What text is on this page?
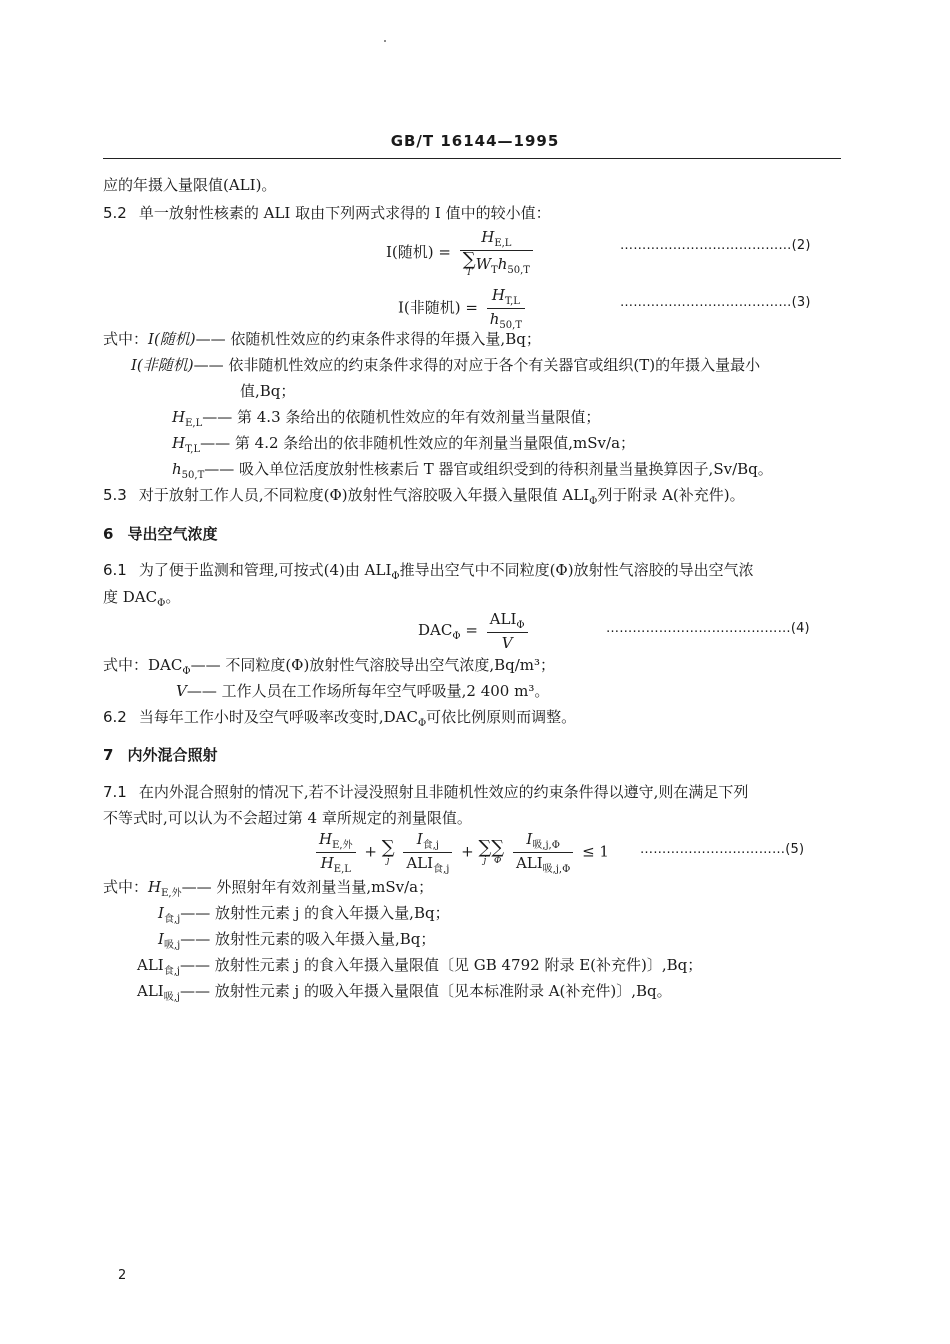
GB/T 16144—1995
应的年摄入量限值(ALI)。
5.2 单一放射性核素的 ALI 取由下列两式求得的 I 值中的较小值：
I(随机) = $H_{E,L}$
∑
T $W_Th_{50,T}$	…………………………………(2)
I(非随机) = $\frac{H_{T,L}}{h_{50,T}}$	…………………………………(3)
式中：I(随机)—— 依随机性效应的约束条件求得的年摄入量,Bq；
I(非随机)—— 依非随机性效应的约束条件求得的对应于各个有关器官或组织(T)的年摄入量最小
值,Bq；
$H_{E,L}——$ 第 4.3 条给出的依随机性效应的年有效剂量当量限值；
$H_{T,L}——$ 第 4.2 条给出的依非随机性效应的年剂量当量限值,mSv/a；
$h_{50,T}——$ 吸入单位活度放射性核素后 T 器官或组织受到的待积剂量当量换算因子,Sv/Bq。
5.3 对于放射工作人员,不同粒度(Φ)放射性气溶胶吸入年摄入量限值 $ALI_\Phi$列于附录 A(补充件)。
6 导出空气浓度
6.1 为了便于监测和管理,可按式(4)由 $ALI_\Phi$推导出空气中不同粒度(Φ)放射性气溶胶的导出空气浓
度 $DAC_\Phi$。
$DAC_\Phi = \frac{ALI_\Phi}{V}$	……………………………………(4)
式中：$DAC_\Phi——$ 不同粒度(Φ)放射性气溶胶导出空气浓度,Bq/m³；
V—— 工作人员在工作场所每年空气呼吸量,2 400 m³。
6.2 当每年工作小时及空气呼吸率改变时$,DAC_\Phi$可依比例原则而调整。
7 内外混合照射
7.1 在内外混合照射的情况下,若不计浸没照射且非随机性效应的约束条件得以遵守,则在满足下列
不等式时,可以认为不会超过第 4 章所规定的剂量限值。
$\frac{H_{E,外}}{H_{E,L}}$ + ∑
j
$\frac{I_{食,j}}{ALI_{食,j}}$ + ∑
j
∑
Φ
$\frac{I_{吸,j,\Phi}}{ALI_{吸,j,\Phi}} \le 1$ ……………………………(5)
式中：$H_{E,外}——$ 外照射年有效剂量当量,mSv/a；
$I_{食,j}——$ 放射性元素 j 的食入年摄入量,Bq；
$I_{吸,j}——$ 放射性元素的吸入年摄入量,Bq；
$ALI_{食,j}——$ 放射性元素 j 的食入年摄入量限值〔见 GB 4792 附录 E(补充件)〕,Bq；
$ALI_{吸,j}——$ 放射性元素 j 的吸入年摄入量限值〔见本标准附录 A(补充件)〕,Bq。
2
